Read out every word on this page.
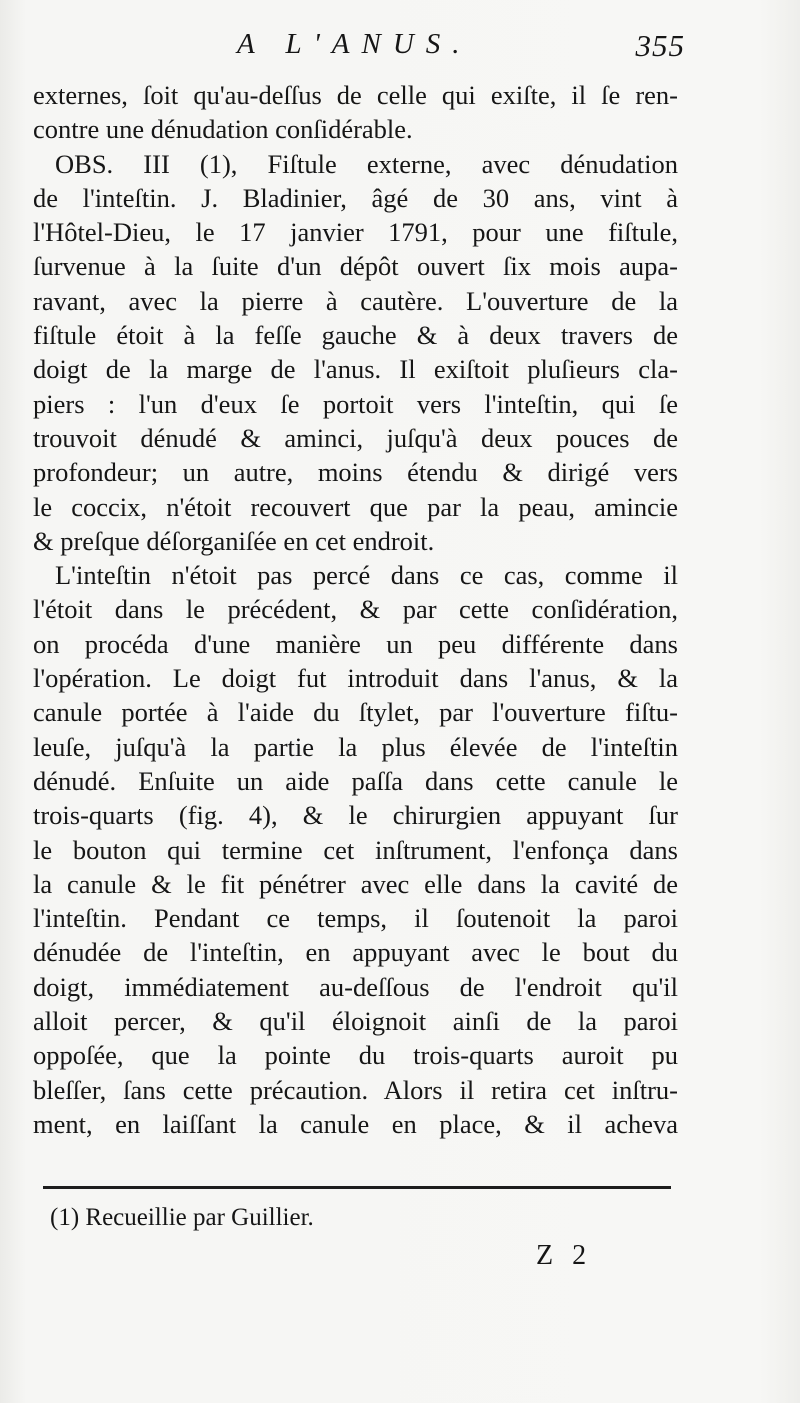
A L'ANUS.	355
externes, ſoit qu'au-deſſus de celle qui exiſte, il ſe ren-
contre une dénudation conſidérable.
OBS. III (1), Fiſtule externe, avec dénudation
de l'inteſtin. J. Bladinier, âgé de 30 ans, vint à
l'Hôtel-Dieu, le 17 janvier 1791, pour une fiſtule,
ſurvenue à la ſuite d'un dépôt ouvert ſix mois aupa-
ravant, avec la pierre à cautère. L'ouverture de la
fiſtule étoit à la feſſe gauche & à deux travers de
doigt de la marge de l'anus. Il exiſtoit pluſieurs cla-
piers : l'un d'eux ſe portoit vers l'inteſtin, qui ſe
trouvoit dénudé & aminci, juſqu'à deux pouces de
profondeur; un autre, moins étendu & dirigé vers
le coccix, n'étoit recouvert que par la peau, amincie
& preſque déſorganiſée en cet endroit.
L'inteſtin n'étoit pas percé dans ce cas, comme il
l'étoit dans le précédent, & par cette conſidération,
on procéda d'une manière un peu différente dans
l'opération. Le doigt fut introduit dans l'anus, & la
canule portée à l'aide du ſtylet, par l'ouverture fiſtu-
leuſe, juſqu'à la partie la plus élevée de l'inteſtin
dénudé. Enſuite un aide paſſa dans cette canule le
trois-quarts (fig. 4), & le chirurgien appuyant ſur
le bouton qui termine cet inſtrument, l'enfonça dans
la canule & le fit pénétrer avec elle dans la cavité de
l'inteſtin. Pendant ce temps, il ſoutenoit la paroi
dénudée de l'inteſtin, en appuyant avec le bout du
doigt, immédiatement au-deſſous de l'endroit qu'il
alloit percer, & qu'il éloignoit ainſi de la paroi
oppoſée, que la pointe du trois-quarts auroit pu
bleſſer, ſans cette précaution. Alors il retira cet inſtru-
ment, en laiſſant la canule en place, & il acheva
(1) Recueillie par Guillier.
Z 2
